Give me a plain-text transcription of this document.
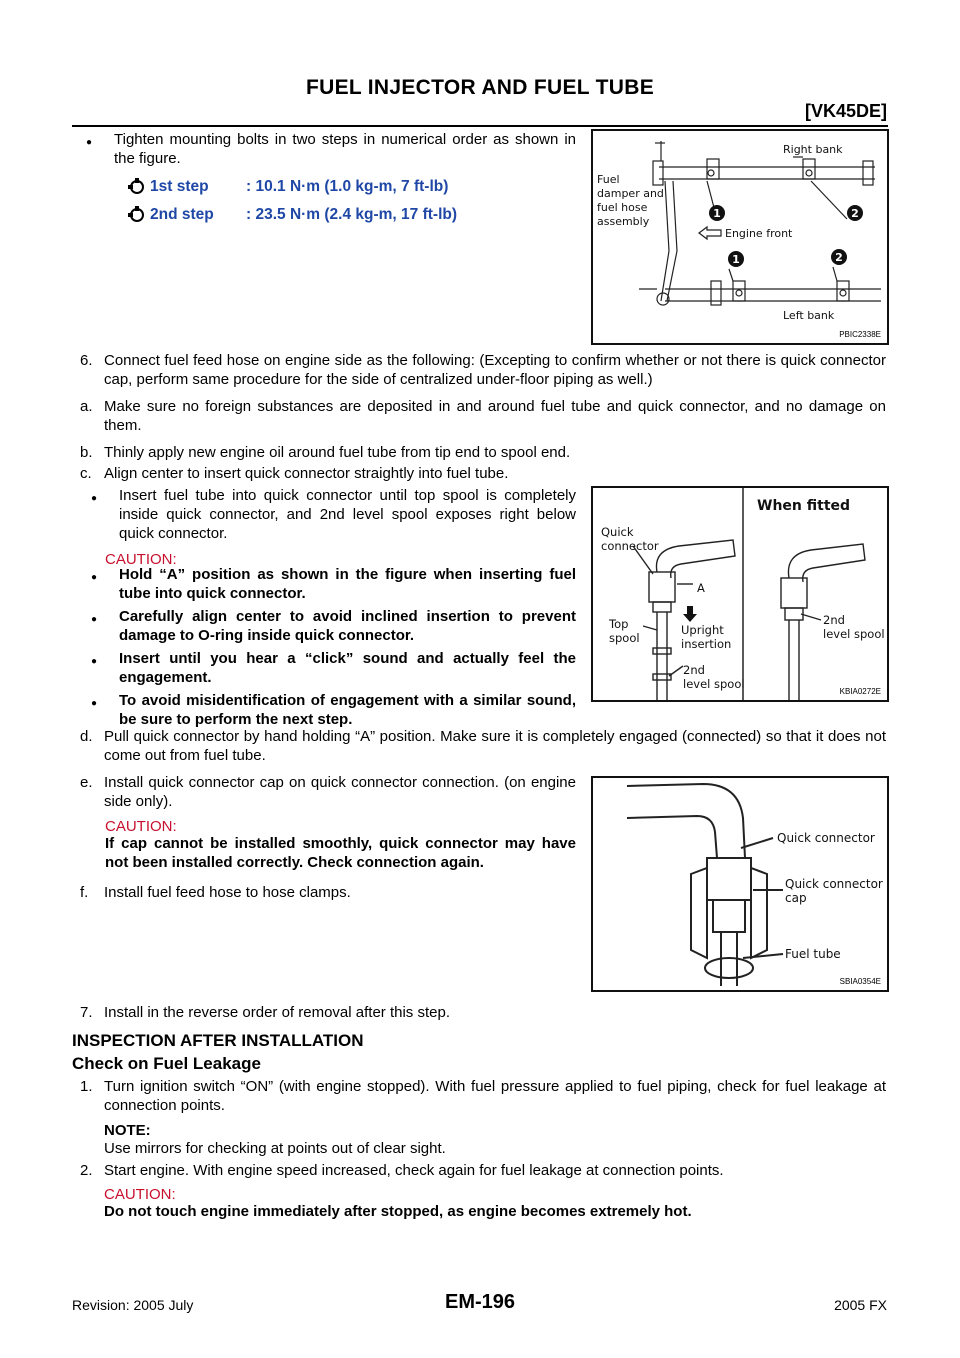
FUEL INJECTOR AND FUEL TUBE
[VK45DE]
Tighten mounting bolts in two steps in numerical order as shown in the figure.
1st step : 10.1 N·m (1.0 kg-m, 7 ft-lb)
2nd step : 23.5 N·m (2.4 kg-m, 17 ft-lb)	1	2
1	2
Right bank
Left bank
Fuel
damper and
fuel hose
assembly
Engine front
PBIC2338E
6. Connect fuel feed hose on engine side as the following: (Excepting to confirm whether or not there is quick connector cap, perform same procedure for the side of centralized under-floor piping as well.)
a. Make sure no foreign substances are deposited in and around fuel tube and quick connector, and no damage on them.
b. Thinly apply new engine oil around fuel tube from tip end to spool end.
c. Align center to insert quick connector straightly into fuel tube.
Insert fuel tube into quick connector until top spool is completely inside quick connector, and 2nd level spool exposes right below quick connector.
CAUTION:
Hold “A” position as shown in the figure when inserting fuel tube into quick connector.
Carefully align center to avoid inclined insertion to prevent damage to O-ring inside quick connector.
Insert until you hear a “click” sound and actually feel the engagement.
To avoid misidentification of engagement with a similar sound, be sure to perform the next step.
When fitted
Quick
connector
A
Top
spool
Upright
insertion
2nd
level spool
2nd
level spool
KBIA0272E
d. Pull quick connector by hand holding “A” position. Make sure it is completely engaged (connected) so that it does not come out from fuel tube.
e. Install quick connector cap on quick connector connection. (on engine side only).
CAUTION:
If cap cannot be installed smoothly, quick connector may have not been installed correctly. Check connection again.
f. Install fuel feed hose to hose clamps.
Quick connector
Quick connector
cap
Fuel tube
SBIA0354E
7. Install in the reverse order of removal after this step.
INSPECTION AFTER INSTALLATION
Check on Fuel Leakage
1. Turn ignition switch “ON” (with engine stopped). With fuel pressure applied to fuel piping, check for fuel leakage at connection points.
NOTE:
Use mirrors for checking at points out of clear sight.
2. Start engine. With engine speed increased, check again for fuel leakage at connection points.
CAUTION:
Do not touch engine immediately after stopped, as engine becomes extremely hot.
Revision: 2005 July	EM-196	2005 FX
